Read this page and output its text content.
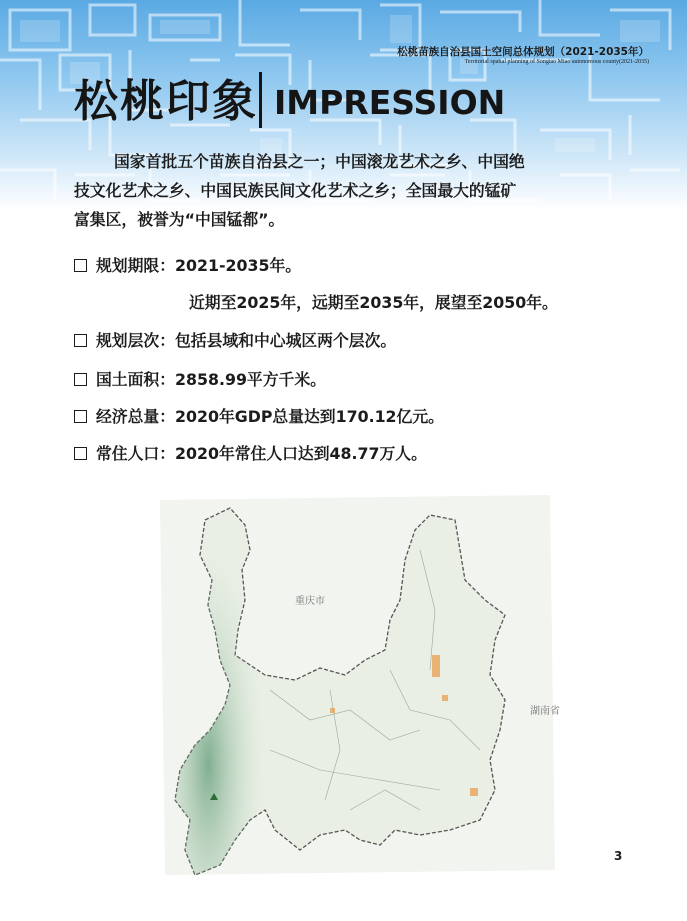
松桃苗族自治县国土空间总体规划（2021-2035年）
Territorial spatial planning of Songtao Miao autonomous county(2021-2035)
松桃印象 IMPRESSION
国家首批五个苗族自治县之一；中国滚龙艺术之乡、中国绝
技文化艺术之乡、中国民族民间文化艺术之乡；全国最大的锰矿
富集区，被誉为“中国锰都”。
规划期限：2021-2035年。
近期至2025年，远期至2035年，展望至2050年。
规划层次：包括县域和中心城区两个层次。
国土面积：2858.99平方千米。
经济总量：2020年GDP总量达到170.12亿元。
常住人口：2020年常住人口达到48.77万人。
重庆市
湖南省
3
